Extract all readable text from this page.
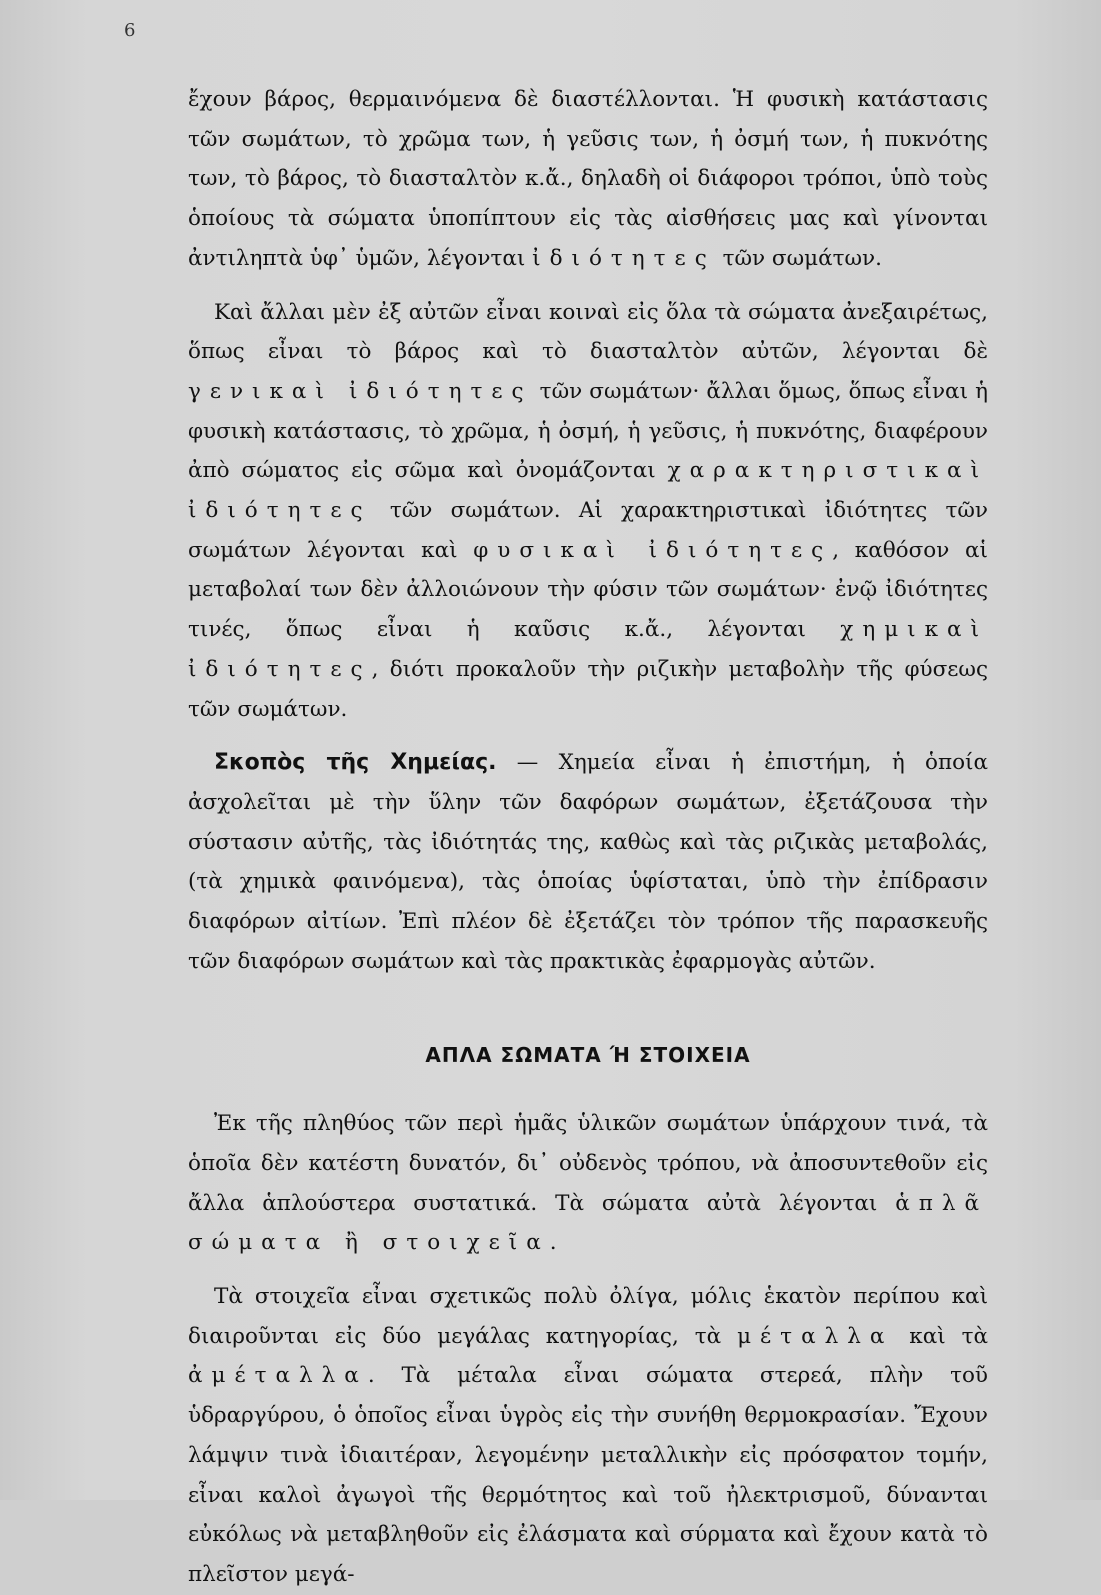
6

ἔχουν βάρος, θερμαινόμενα δὲ διαστέλλονται. Ἡ φυσικὴ κατάστασις τῶν σωμάτων, τὸ χρῶμα των, ἡ γεῦσις των, ἡ ὀσμή των, ἡ πυκνότης των, τὸ βάρος, τὸ διασταλτὸν κ.ἄ., δηλαδὴ οἱ διάφοροι τρόποι, ὑπὸ τοὺς ὁποίους τὰ σώματα ὑποπίπτουν εἰς τὰς αἰσθήσεις μας καὶ γίνονται ἀντιληπτὰ ὑφ᾽ ὑμῶν, λέγονται ἰδιότητες τῶν σωμάτων.

Καὶ ἄλλαι μὲν ἐξ αὐτῶν εἶναι κοιναὶ εἰς ὅλα τὰ σώματα ἀνεξαιρέτως, ὅπως εἶναι τὸ βάρος καὶ τὸ διασταλτὸν αὐτῶν, λέγονται δὲ γενικαὶ ἰδιότητες τῶν σωμάτων· ἄλλαι ὅμως, ὅπως εἶναι ἡ φυσικὴ κατάστασις, τὸ χρῶμα, ἡ ὀσμή, ἡ γεῦσις, ἡ πυκνότης, διαφέρουν ἀπὸ σώματος εἰς σῶμα καὶ ὀνομάζονται χαρακτηριστικαὶ ἰδιότητες τῶν σωμάτων. Αἱ χαρακτηριστικαὶ ἰδιότητες τῶν σωμάτων λέγονται καὶ φυσικαὶ ἰδιότητες, καθόσον αἱ μεταβολαί των δὲν ἀλλοιώνουν τὴν φύσιν τῶν σωμάτων· ἐνῷ ἰδιότητες τινές, ὅπως εἶναι ἡ καῦσις κ.ἄ., λέγονται χημικαὶ ἰδιότητες, διότι προκαλοῦν τὴν ριζικὴν μεταβολὴν τῆς φύσεως τῶν σωμάτων.

Σκοπὸς τῆς Χημείας. — Χημεία εἶναι ἡ ἐπιστήμη, ἡ ὁποία ἀσχολεῖται μὲ τὴν ὕλην τῶν δαφόρων σωμάτων, ἐξετάζουσα τὴν σύστασιν αὐτῆς, τὰς ἰδιότητάς της, καθὼς καὶ τὰς ριζικὰς μεταβολάς, (τὰ χημικὰ φαινόμενα), τὰς ὁποίας ὑφίσταται, ὑπὸ τὴν ἐπίδρασιν διαφόρων αἰτίων. Ἐπὶ πλέον δὲ ἐξετάζει τὸν τρόπον τῆς παρασκευῆς τῶν διαφόρων σωμάτων καὶ τὰς πρακτικὰς ἐφαρμογὰς αὐτῶν.

ΑΠΛΑ ΣΩΜΑΤΑ Ή ΣΤΟΙΧΕΙΑ

Ἐκ τῆς πληθύος τῶν περὶ ἡμᾶς ὑλικῶν σωμάτων ὑπάρχουν τινά, τὰ ὁποῖα δὲν κατέστη δυνατόν, δι᾽ οὐδενὸς τρόπου, νὰ ἀποσυντεθοῦν εἰς ἄλλα ἁπλούστερα συστατικά. Τὰ σώματα αὐτὰ λέγονται ἁπλᾶ σώματα ἢ στοιχεῖα.

Τὰ στοιχεῖα εἶναι σχετικῶς πολὺ ὀλίγα, μόλις ἑκατὸν περίπου καὶ διαιροῦνται εἰς δύο μεγάλας κατηγορίας, τὰ μέταλλα καὶ τὰ ἀμέταλλα. Τὰ μέταλα εἶναι σώματα στερεά, πλὴν τοῦ ὑδραργύρου, ὁ ὁποῖος εἶναι ὑγρὸς εἰς τὴν συνήθη θερμοκρασίαν. Ἔχουν λάμψιν τινὰ ἰδιαιτέραν, λεγομένην μεταλλικὴν εἰς πρόσφατον τομήν, εἶναι καλοὶ ἀγωγοὶ τῆς θερμότητος καὶ τοῦ ἠλεκτρισμοῦ, δύνανται εὐκόλως νὰ μεταβληθοῦν εἰς ἐλάσματα καὶ σύρματα καὶ ἔχουν κατὰ τὸ πλεῖστον μεγά-
